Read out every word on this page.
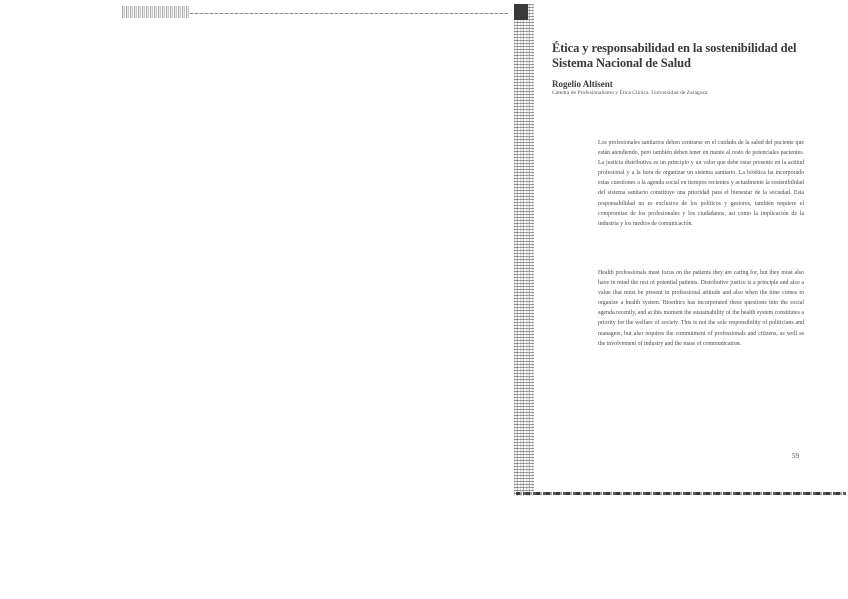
Ética y responsabilidad en la sostenibilidad del Sistema Nacional de Salud

Rogelio Altisent

Cátedra de Profesionalismo y Ética Clínica. Universidad de Zaragoza

Los profesionales sanitarios deben centrarse en el cuidado de la salud del paciente que están atendiendo, pero también deben tener en mente al resto de potenciales pacientes. La justicia distributiva es un principio y un valor que debe estar presente en la actitud profesional y a la hora de organizar un sistema sanitario. La bioética ha incorporado estas cuestiones a la agenda social en tiempos recientes y actualmente la sostenibilidad del sistema sanitario constituye una prioridad para el bienestar de la sociedad. Esta responsabilidad no es exclusiva de los políticos y gestores, también requiere el compromiso de los profesionales y los ciudadanos, así como la implicación de la industria y los medios de comunicación.

Health professionals must focus on the patients they are caring for, but they must also have in mind the rest of potential patients. Distributive justice is a principle and also a value that must be present in professional attitude and also when the time comes to organize a health system. Bioethics has incorporated these questions into the social agenda recently, and at this moment the sustainability of the health system constitutes a priority for the welfare of society. This is not the sole responsibility of politicians and managers, but also requires the commitment of professionals and citizens, as well as the involvement of industry and the mass of communication.

59
